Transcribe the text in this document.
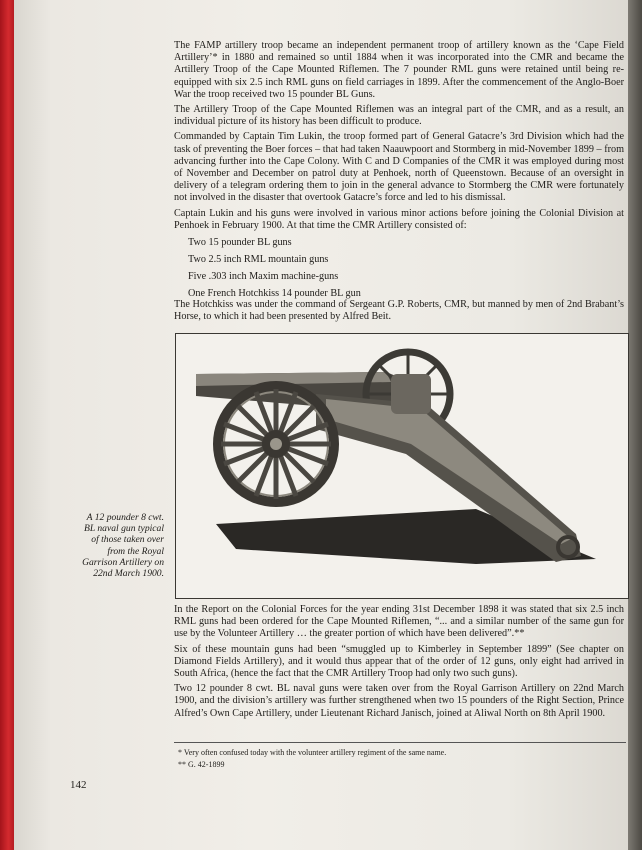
The FAMP artillery troop became an independent permanent troop of artillery known as the ‘Cape Field Artillery’* in 1880 and remained so until 1884 when it was incorporated into the CMR and became the Artillery Troop of the Cape Mounted Riflemen. The 7 pounder RML guns were retained until being re-equipped with six 2.5 inch RML guns on field carriages in 1899. After the commencement of the Anglo-Boer War the troop received two 15 pounder BL Guns.

The Artillery Troop of the Cape Mounted Riflemen was an integral part of the CMR, and as a result, an individual picture of its history has been difficult to produce.

Commanded by Captain Tim Lukin, the troop formed part of General Gatacre’s 3rd Division which had the task of preventing the Boer forces – that had taken Naauwpoort and Stormberg in mid-November 1899 – from advancing further into the Cape Colony. With C and D Companies of the CMR it was employed during most of November and December on patrol duty at Penhoek, north of Queenstown. Because of an oversight in delivery of a telegram ordering them to join in the general advance to Stormberg the CMR were fortunately not involved in the disaster that overtook Gatacre’s force and led to his dismissal.

Captain Lukin and his guns were involved in various minor actions before joining the Colonial Division at Penhoek in February 1900. At that time the CMR Artillery consisted of:

Two 15 pounder BL guns
Two 2.5 inch RML mountain guns
Five .303 inch Maxim machine-guns
One French Hotchkiss 14 pounder BL gun

The Hotchkiss was under the command of Sergeant G.P. Roberts, CMR, but manned by men of 2nd Brabant’s Horse, to which it had been presented by Alfred Beit.

A 12 pounder 8 cwt. BL naval gun typical of those taken over from the Royal Garrison Artillery on 22nd March 1900.

In the Report on the Colonial Forces for the year ending 31st December 1898 it was stated that six 2.5 inch RML guns had been ordered for the Cape Mounted Riflemen, “... and a similar number of the same gun for use by the Volunteer Artillery … the greater portion of which have been delivered”.**

Six of these mountain guns had been “smuggled up to Kimberley in September 1899” (See chapter on Diamond Fields Artillery), and it would thus appear that of the order of 12 guns, only eight had arrived in South Africa, (hence the fact that the CMR Artillery Troop had only two such guns).

Two 12 pounder 8 cwt. BL naval guns were taken over from the Royal Garrison Artillery on 22nd March 1900, and the division’s artillery was further strengthened when two 15 pounders of the Right Section, Prince Alfred’s Own Cape Artillery, under Lieutenant Richard Janisch, joined at Aliwal North on 8th April 1900.

* Very often confused today with the volunteer artillery regiment of the same name.
** G. 42-1899
142
